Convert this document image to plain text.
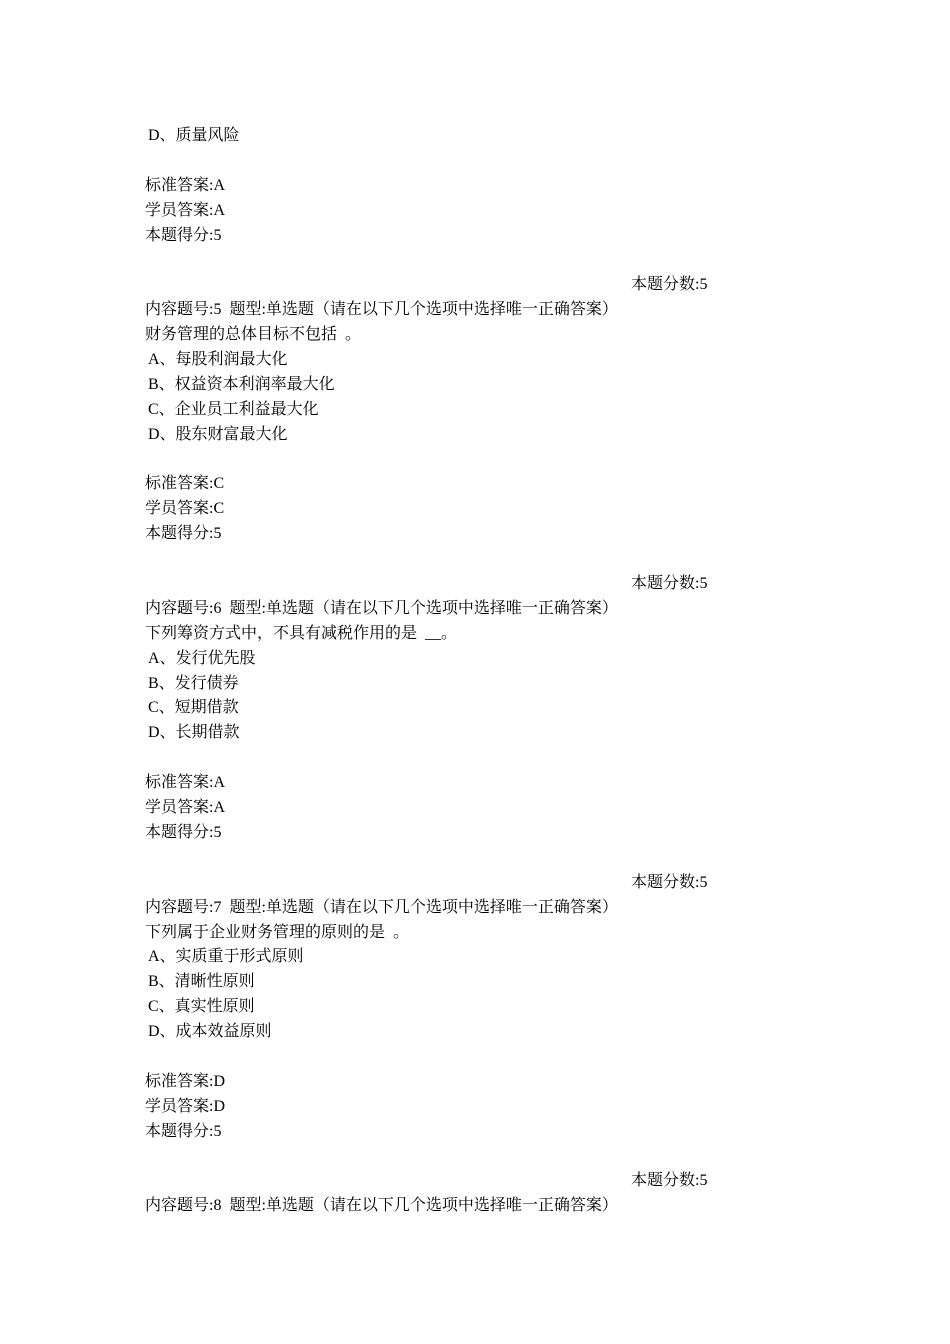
D、质量风险
标准答案:A
学员答案:A
本题得分:5

题号:5  题型:单选题（请在以下几个选项中选择唯一正确答案）

本题分数:5

内容:
财务管理的总体目标不包括  。
A、每股利润最大化
B、权益资本利润率最大化
C、企业员工利益最大化
D、股东财富最大化
标准答案:C
学员答案:C
本题得分:5

题号:6  题型:单选题（请在以下几个选项中选择唯一正确答案）

本题分数:5

内容:
下列筹资方式中，不具有减税作用的是  __。
A、发行优先股
B、发行债券
C、短期借款
D、长期借款
标准答案:A
学员答案:A
本题得分:5

题号:7  题型:单选题（请在以下几个选项中选择唯一正确答案）

本题分数:5

内容:
下列属于企业财务管理的原则的是  。
A、实质重于形式原则
B、清晰性原则
C、真实性原则
D、成本效益原则
标准答案:D
学员答案:D
本题得分:5

题号:8  题型:单选题（请在以下几个选项中选择唯一正确答案）

本题分数:5

内容:
